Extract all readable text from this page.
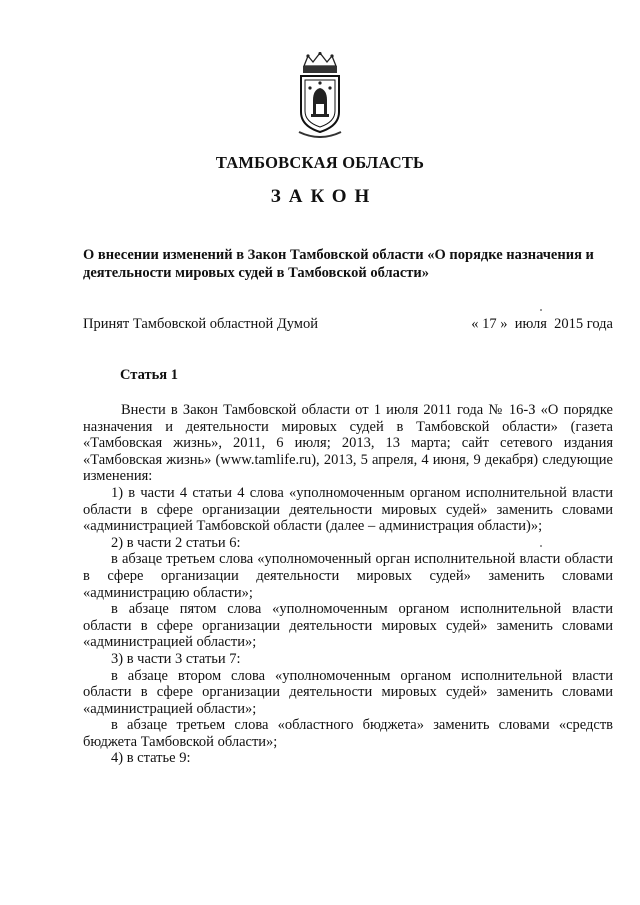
ТАМБОВСКАЯ ОБЛАСТЬ
ЗАКОН
О внесении изменений в Закон Тамбовской области «О порядке назначения и деятельности мировых судей в Тамбовской области»
Принят Тамбовской областной Думой	« 17 »  июля  2015 года
Статья 1

Внести в Закон Тамбовской области от 1 июля 2011 года № 16-З «О порядке назначения и деятельности мировых судей в Тамбовской области» (газета «Тамбовская жизнь», 2011, 6 июля; 2013, 13 марта; сайт сетевого издания «Тамбовская жизнь» (www.tamlife.ru), 2013, 5 апреля, 4 июня, 9 декабря) следующие изменения:

1) в части 4 статьи 4 слова «уполномоченным органом исполнительной власти области в сфере организации деятельности мировых судей» заменить словами «администрацией Тамбовской области (далее – администрация области)»;

2) в части 2 статьи 6:

в абзаце третьем слова «уполномоченный орган исполнительной власти области в сфере организации деятельности мировых судей» заменить словами «администрацию области»;

в абзаце пятом слова «уполномоченным органом исполнительной власти области в сфере организации деятельности мировых судей» заменить словами «администрацией области»;

3) в части 3 статьи 7:

в абзаце втором слова «уполномоченным органом исполнительной власти области в сфере организации деятельности мировых судей» заменить словами «администрацией области»;

в абзаце третьем слова «областного бюджета» заменить словами «средств бюджета Тамбовской области»;

4) в статье 9:
